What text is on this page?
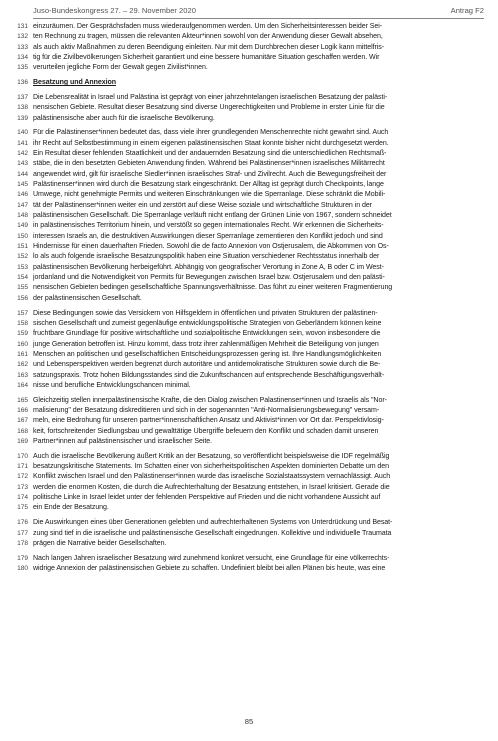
Juso-Bundeskongress 27. – 29. November 2020	Antrag F2
131 einzuräumen. Der Gesprächsfaden muss wiederaufgenommen werden. Um den Sicherheitsinteressen beider Sei-
132 ten Rechnung zu tragen, müssen die relevanten Akteur*innen sowohl von der Anwendung dieser Gewalt absehen,
133 als auch aktiv Maßnahmen zu deren Beendigung einleiten. Nur mit dem Durchbrechen dieser Logik kann mittelfris-
134 tig für die Zivilbevölkerungen Sicherheit garantiert und eine bessere humanitäre Situation geschaffen werden. Wir
135 verurteilen jegliche Form der Gewalt gegen Zivilist*innen.
136 Besatzung und Annexion
137 Die Lebensrealität in Israel und Palästina ist geprägt von einer jahrzehntelangen israelischen Besatzung der palästi-
138 nensischen Gebiete. Resultat dieser Besatzung sind diverse Ungerechtigkeiten und Probleme in erster Linie für die
139 palästinensische aber auch für die israelische Bevölkerung.
140 Für die Palästinenser*innen bedeutet das, dass viele ihrer grundlegenden Menschenrechte nicht gewahrt sind. Auch
141 ihr Recht auf Selbstbestimmung in einem eigenen palästinensischen Staat konnte bisher nicht durchgesetzt werden.
142 Ein Resultat dieser fehlenden Staatlichkeit und der andauernden Besatzung sind die unterschiedlichen Rechtsmaß-
143 stäbe, die in den besetzten Gebieten Anwendung finden. Während bei Palästinenser*innen israelisches Militärrecht
144 angewendet wird, gilt für israelische Siedler*innen israelisches Straf- und Zivilrecht. Auch die Bewegungsfreiheit der
145 Palästinenser*innen wird durch die Besatzung stark eingeschränkt. Der Alltag ist geprägt durch Checkpoints, lange
146 Umwege, nicht genehmigte Permits und weiteren Einschränkungen wie die Sperranlage. Diese schränkt die Mobili-
147 tät der Palästinenser*innen weiter ein und zerstört auf diese Weise soziale und wirtschaftliche Strukturen in der
148 palästinensischen Gesellschaft. Die Sperranlage verläuft nicht entlang der Grünen Linie von 1967, sondern schneidet
149 in palästinensisches Territorium hinein, und verstößt so gegen internationales Recht. Wir erkennen die Sicherheits-
150 interessen Israels an, die destruktiven Auswirkungen dieser Sperranlage zementieren den Konflikt jedoch und sind
151 Hindernisse für einen dauerhaften Frieden. Sowohl die de facto Annexion von Ostjerusalem, die Abkommen von Os-
152 lo als auch folgende israelische Besatzungspolitik haben eine Situation verschiedener Rechtsstatus innerhalb der
153 palästinensischen Bevölkerung herbeigeführt. Abhängig von geografischer Verortung in Zone A, B oder C im West-
154 jordanland und die Notwendigkeit von Permits für Bewegungen zwischen Israel bzw. Ostjerusalem und den palästi-
155 nensischen Gebieten bedingen gesellschaftliche Spannungsverhältnisse. Das führt zu einer weiteren Fragmentierung
156 der palästinensischen Gesellschaft.
157 Diese Bedingungen sowie das Versickern von Hilfsgeldern in öffentlichen und privaten Strukturen der palästinen-
158 sischen Gesellschaft und zumeist gegenläufige entwicklungspolitische Strategien von Geberländern können keine
159 fruchtbare Grundlage für positive wirtschaftliche und sozialpolitische Entwicklungen sein, wovon insbesondere die
160 junge Generation betroffen ist. Hinzu kommt, dass trotz ihrer zahlenmäßigen Mehrheit die Beteiligung von jungen
161 Menschen an politischen und gesellschaftlichen Entscheidungsprozessen gering ist. Ihre Handlungsmöglichkeiten
162 und Lebensperspektiven werden begrenzt durch autoritäre und antidemokratische Strukturen sowie durch die Be-
163 satzungspraxis. Trotz hohen Bildungsstandes sind die Zukunftschancen auf entsprechende Beschäftigungsverhält-
164 nisse und berufliche Entwicklungschancen minimal.
165 Gleichzeitig stellen innerpalästinensische Krafte, die den Dialog zwischen Palastinenser*innen und Israelis als "Nor-
166 malisierung" der Besatzung diskreditieren und sich in der sogenannten "Anti-Normalisierungsbewegung" versam-
167 meln, eine Bedrohung für unseren partner*innenschaftlichen Ansatz und Aktivist*innen vor Ort dar. Perspektivlosig-
168 keit, fortschreitender Siedlungsbau und gewalttätige Übergriffe befeuern den Konflikt und schaden damit unseren
169 Partner*innen auf palästinensischer und israelischer Seite.
170 Auch die israelische Bevölkerung äußert Kritik an der Besatzung, so veröffentlicht beispielsweise die IDF regelmäßig
171 besatzungskritische Statements. Im Schatten einer von sicherheitspolitischen Aspekten dominierten Debatte um den
172 Konflikt zwischen Israel und den Palästinenser*innen wurde das israelische Sozialstaatssystem vernachlässigt. Auch
173 werden die enormen Kosten, die durch die Aufrechterhaltung der Besatzung entstehen, in Israel kritisiert. Gerade die
174 politische Linke in Israel leidet unter der fehlenden Perspektive auf Frieden und die nicht vorhandene Aussicht auf
175 ein Ende der Besatzung.
176 Die Auswirkungen eines über Generationen gelebten und aufrechterhaltenen Systems von Unterdrückung und Besat-
177 zung sind tief in die israelische und palästinensische Gesellschaft eingedrungen. Kollektive und individuelle Traumata
178 prägen die Narrative beider Gesellschaften.
179 Nach langen Jahren israelischer Besatzung wird zunehmend konkret versucht, eine Grundlage für eine völkerrechts-
180 widrige Annexion der palästinensischen Gebiete zu schaffen. Undefiniert bleibt bei allen Plänen bis heute, was eine
85
